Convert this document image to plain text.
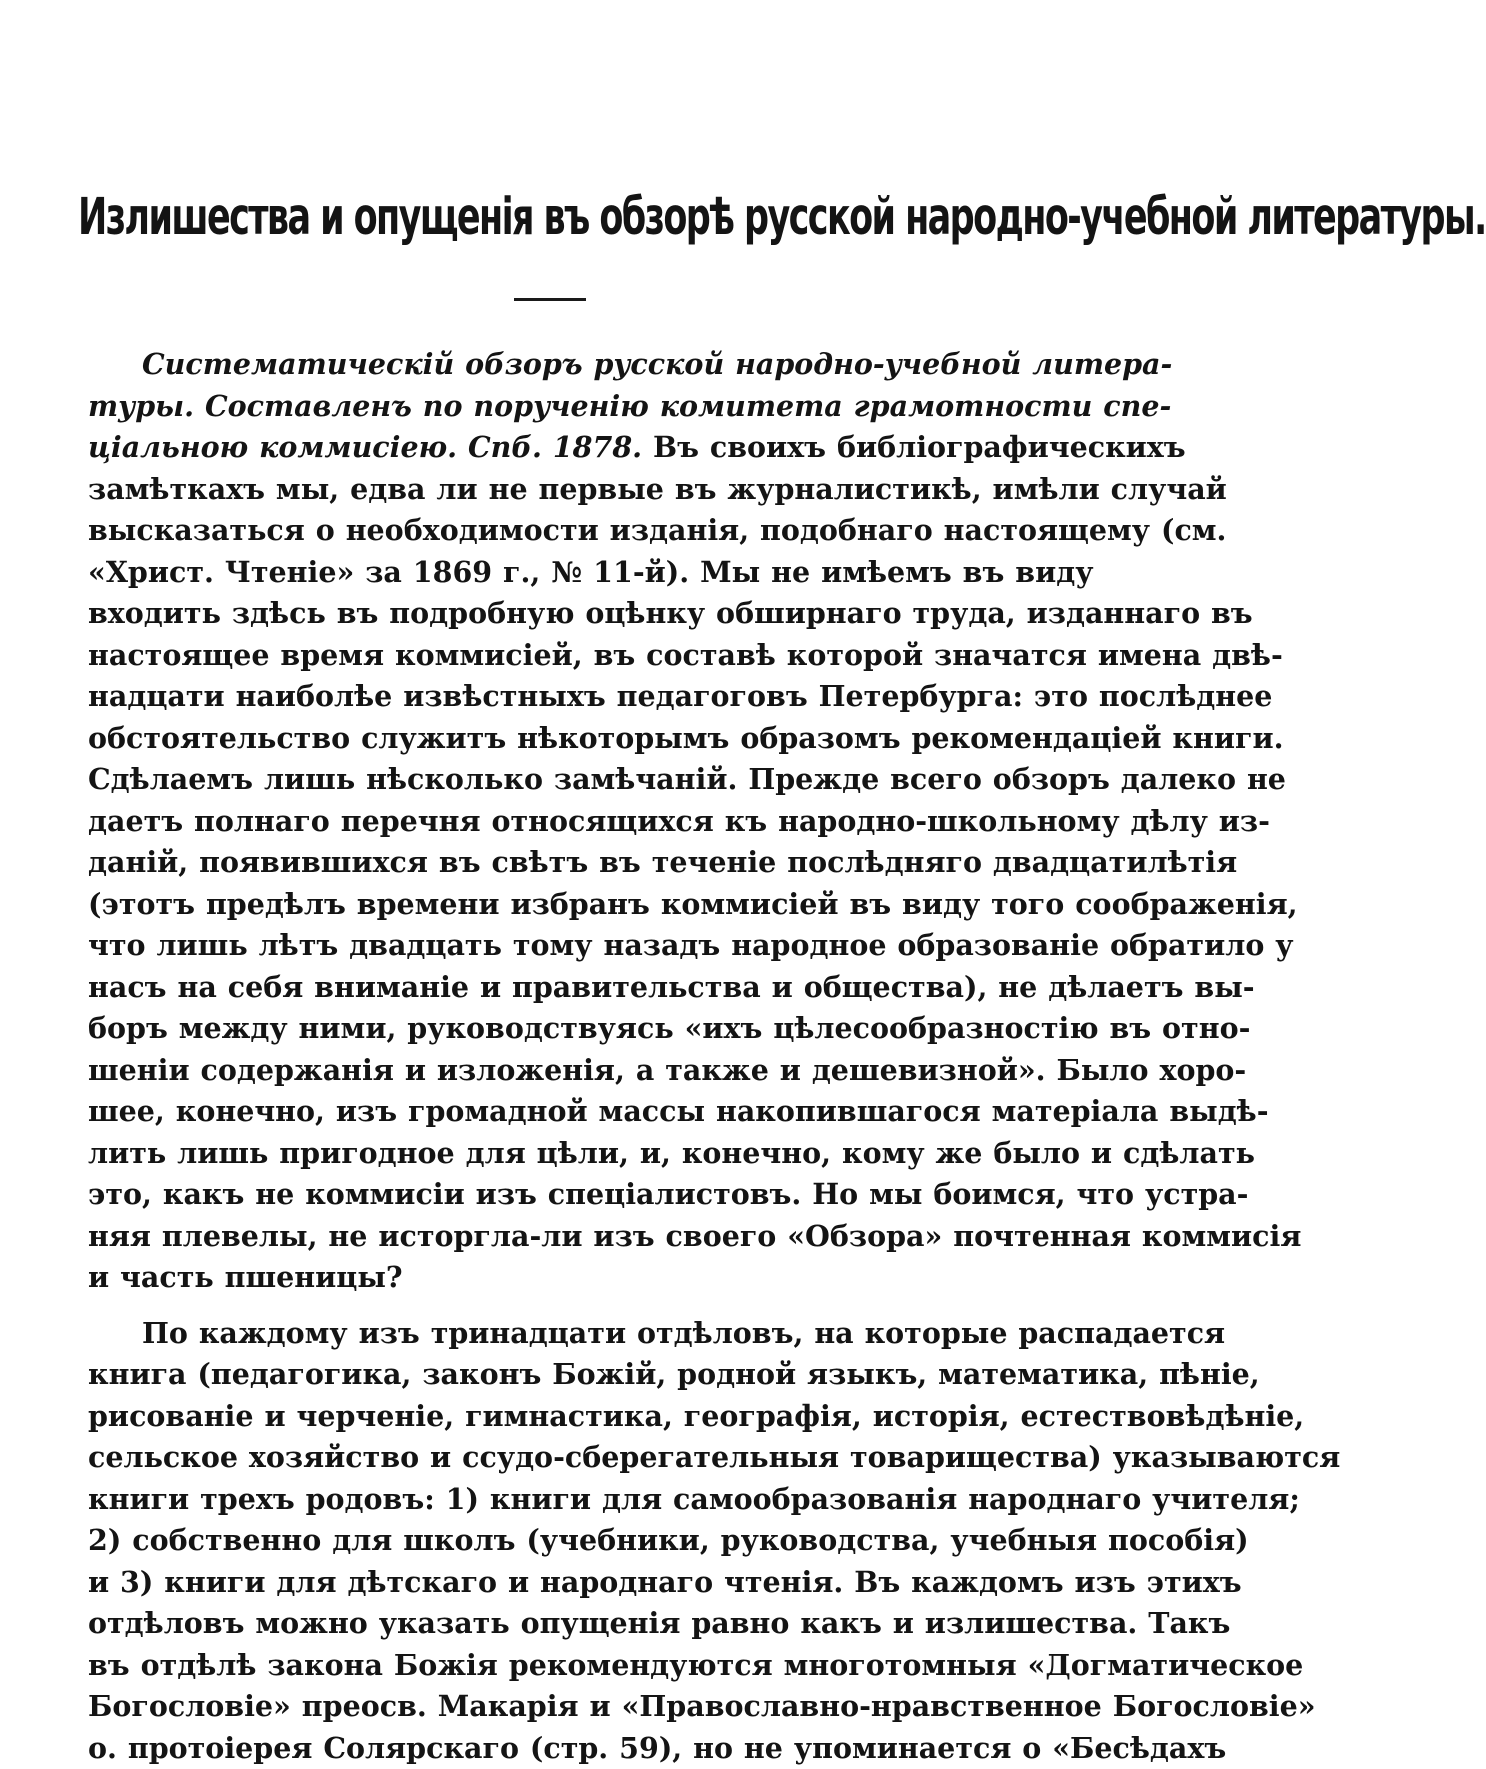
Излишества и опущенія въ обзорѣ русской народно-учебной литературы.
Систематическій обзоръ русской народно-учебной литера-
туры. Составленъ по порученію комитета грамотности спе-
ціальною коммисіею. Спб. 1878. Въ своихъ библіографическихъ
замѣткахъ мы, едва ли не первые въ журналистикѣ, имѣли случай
высказаться о необходимости изданія, подобнаго настоящему (см.
«Христ. Чтеніе» за 1869 г., № 11-й). Мы не имѣемъ въ виду
входить здѣсь въ подробную оцѣнку обширнаго труда, изданнаго въ
настоящее время коммисіей, въ составѣ которой значатся имена двѣ-
надцати наиболѣе извѣстныхъ педагоговъ Петербурга: это послѣднее
обстоятельство служитъ нѣкоторымъ образомъ рекомендаціей книги.
Сдѣлаемъ лишь нѣсколько замѣчаній. Прежде всего обзоръ далеко не
даетъ полнаго перечня относящихся къ народно-школьному дѣлу из-
даній, появившихся въ свѣтъ въ теченіе послѣдняго двадцатилѣтія
(этотъ предѣлъ времени избранъ коммисіей въ виду того соображенія,
что лишь лѣтъ двадцать тому назадъ народное образованіе обратило у
насъ на себя вниманіе и правительства и общества), не дѣлаетъ вы-
боръ между ними, руководствуясь «ихъ цѣлесообразностію въ отно-
шеніи содержанія и изложенія, а также и дешевизной». Было хоро-
шее, конечно, изъ громадной массы накопившагося матеріала выдѣ-
лить лишь пригодное для цѣли, и, конечно, кому же было и сдѣлать
это, какъ не коммисіи изъ спеціалистовъ. Но мы боимся, что устра-
няя плевелы, не исторгла-ли изъ своего «Обзора» почтенная коммисія
и часть пшеницы?
По каждому изъ тринадцати отдѣловъ, на которые распадается
книга (педагогика, законъ Божій, родной языкъ, математика, пѣніе,
рисованіе и черченіе, гимнастика, географія, исторія, естествовѣдѣніе,
сельское хозяйство и ссудо-сберегательныя товарищества) указываются
книги трехъ родовъ: 1) книги для самообразованія народнаго учителя;
2) собственно для школъ (учебники, руководства, учебныя пособія)
и 3) книги для дѣтскаго и народнаго чтенія. Въ каждомъ изъ этихъ
отдѣловъ можно указать опущенія равно какъ и излишества. Такъ
въ отдѣлѣ закона Божія рекомендуются многотомныя «Догматическое
Богословіе» преосв. Макарія и «Православно-нравственное Богословіе»
о. протоіерея Солярскаго (стр. 59), но не упоминается о «Бесѣдахъ
